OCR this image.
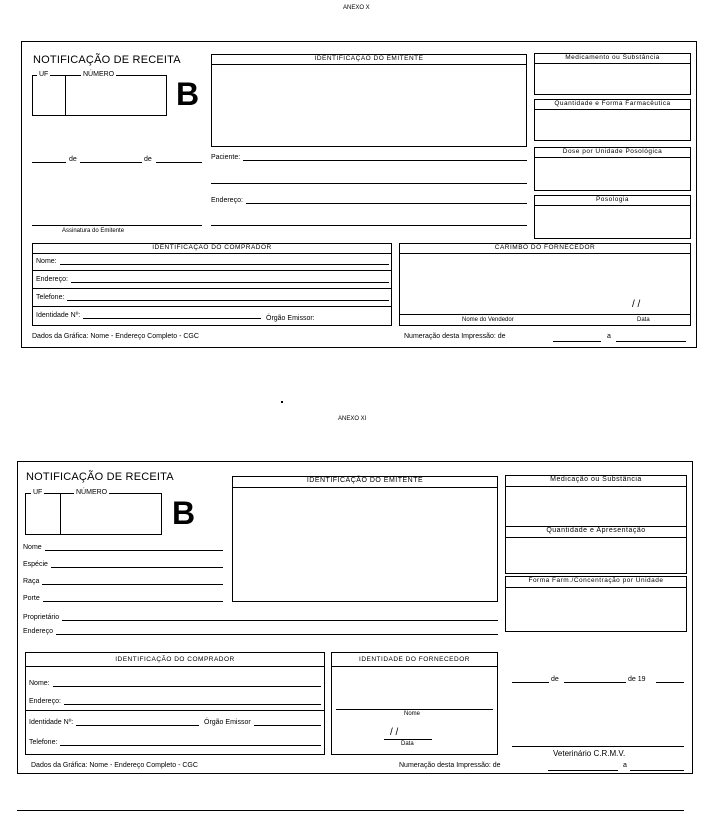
ANEXO X
NOTIFICAÇÃO DE RECEITA
UF	NÚMERO
B
de	de
Assinatura do Emitente
IDENTIFICAÇÃO DO EMITENTE
Paciente:
Endereço:
Medicamento ou Substância
Quantidade e Forma Farmacêutica
Dose por Unidade Posológica
Posologia
IDENTIFICAÇÃO DO COMPRADOR
Nome:
Endereço:
Telefone:
Identidade Nº:	Órgão Emissor:
CARIMBO DO FORNECEDOR
/ /
Nome do Vendedor	Data
Dados da Gráfica: Nome - Endereço Completo - CGC	Numeração desta Impressão: de	a
ANEXO XI
NOTIFICAÇÃO DE RECEITA
UF	NÚMERO
B
Nome
Espécie
Raça
Porte
Proprietário
Endereço
IDENTIFICAÇÃO DO EMITENTE	Medicação ou Substância
Quantidade e Apresentação
Forma Farm./Concentração por Unidade
IDENTIFICAÇÃO DO COMPRADOR
Nome:
Endereço:
Identidade Nº:	Órgão Emissor
Telefone:
IDENTIDADE DO FORNECEDOR
Nome
/ /
Data
de	de 19
Veterinário C.R.M.V.
Dados da Gráfica: Nome - Endereço Completo - CGC	Numeração desta Impressão: de	a
